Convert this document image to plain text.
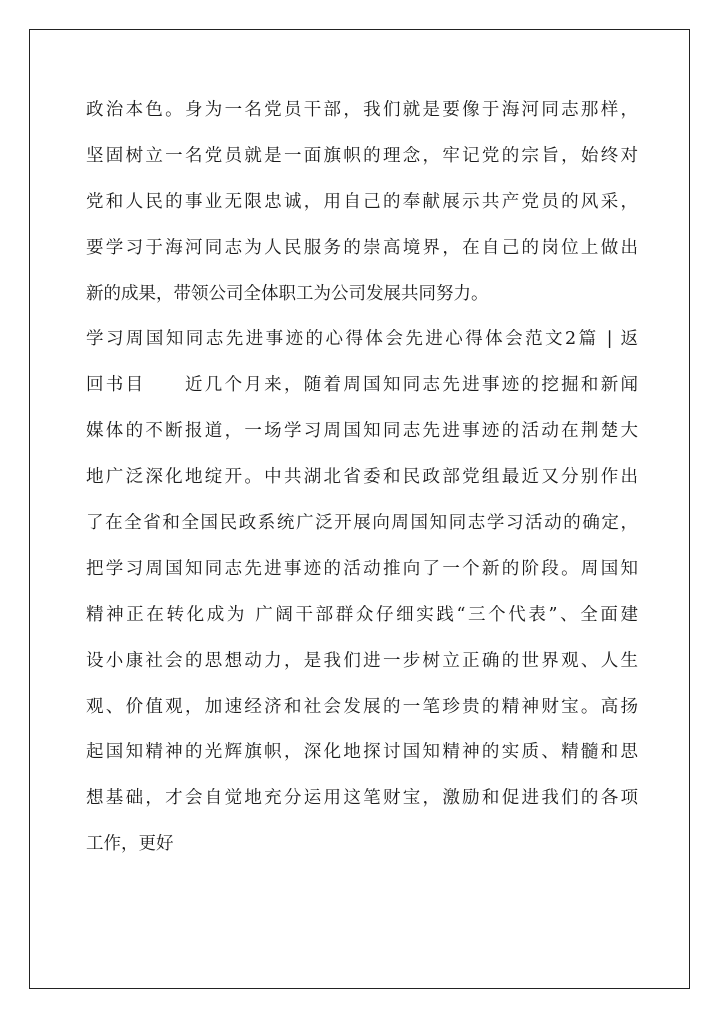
政治本色。身为一名党员干部，我们就是要像于海河同志那样，
坚固树立一名党员就是一面旗帜的理念，牢记党的宗旨，始终对
党和人民的事业无限忠诚，用自己的奉献展示共产党员的风采，
要学习于海河同志为人民服务的崇高境界，在自己的岗位上做出
新的成果，带领公司全体职工为公司发展共同努力。
学习周国知同志先进事迹的心得体会先进心得体会范文2篇 | 返
回书目　　近几个月来，随着周国知同志先进事迹的挖掘和新闻
媒体的不断报道，一场学习周国知同志先进事迹的活动在荆楚大
地广泛深化地绽开。中共湖北省委和民政部党组最近又分别作出
了在全省和全国民政系统广泛开展向周国知同志学习活动的确定，
把学习周国知同志先进事迹的活动推向了一个新的阶段。周国知
精神正在转化成为 广阔干部群众仔细实践“三个代表”、全面建
设小康社会的思想动力，是我们进一步树立正确的世界观、人生
观、价值观，加速经济和社会发展的一笔珍贵的精神财宝。高扬
起国知精神的光辉旗帜，深化地探讨国知精神的实质、精髓和思
想基础，才会自觉地充分运用这笔财宝，激励和促进我们的各项
工作，更好
